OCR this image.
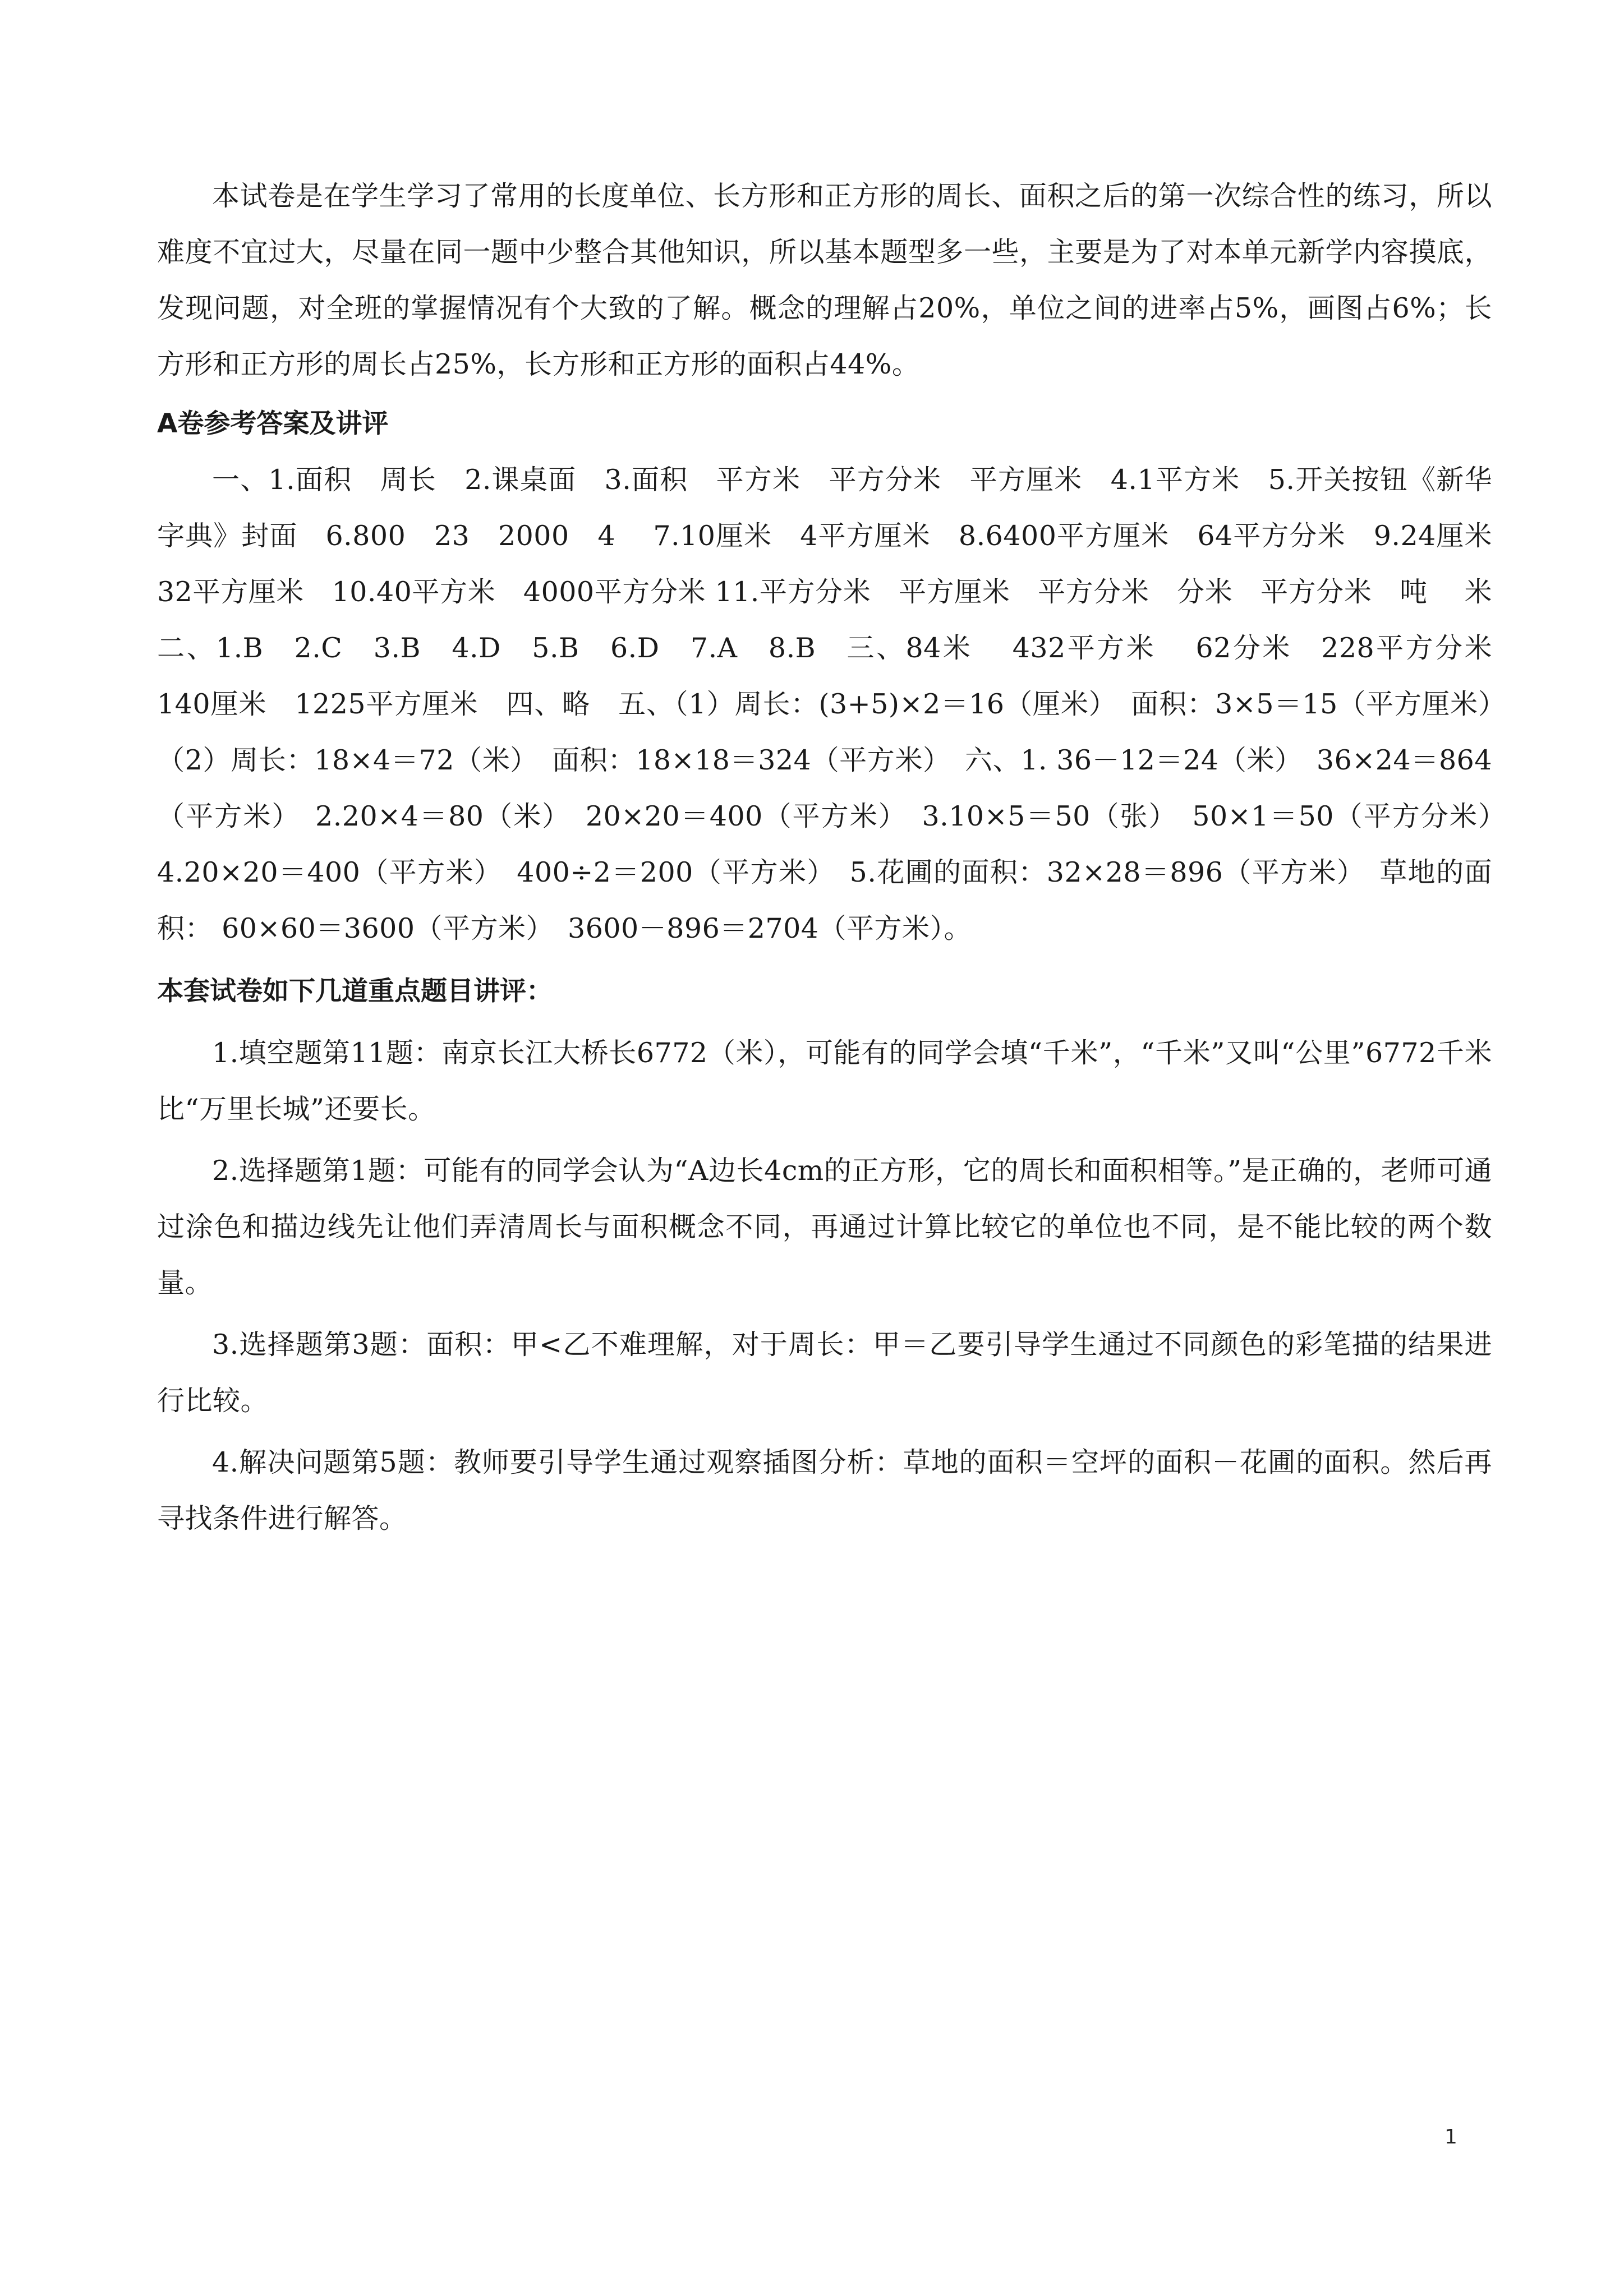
本试卷是在学生学习了常用的长度单位、长方形和正方形的周长、面积之后的第一次综合性的练习，所以难度不宜过大，尽量在同一题中少整合其他知识，所以基本题型多一些，主要是为了对本单元新学内容摸底，发现问题，对全班的掌握情况有个大致的了解。概念的理解占20%，单位之间的进率占5%，画图占6%；长方形和正方形的周长占25%，长方形和正方形的面积占44%。

A卷参考答案及讲评

一、1.面积　周长　2.课桌面　3.面积　平方米　平方分米　平方厘米　4.1平方米　5.开关按钮《新华字典》封面　6.800　23　2000　4　 7.10厘米　4平方厘米　8.6400平方厘米　64平方分米　9.24厘米　32平方厘米　10.40平方米　4000平方分米 11.平方分米　平方厘米　平方分米　分米　平方分米　吨　 米　二、1.B　2.C　3.B　4.D　5.B　6.D　7.A　8.B　三、84米　 432平方米　 62分米　228平方分米　140厘米　1225平方厘米　四、略　五、（1）周长：(3+5)×2＝16（厘米）　面积：3×5＝15（平方厘米）　（2）周长：18×4＝72（米）　面积：18×18＝324（平方米）　六、1. 36－12＝24（米）　36×24＝864（平方米）　2.20×4＝80（米）　20×20＝400（平方米）　3.10×5＝50（张）　50×1＝50（平方分米）　4.20×20＝400（平方米）　400÷2＝200（平方米）　5.花圃的面积：32×28＝896（平方米）　草地的面积： 60×60＝3600（平方米）　3600－896＝2704（平方米）。

本套试卷如下几道重点题目讲评：

1.填空题第11题：南京长江大桥长6772（米），可能有的同学会填“千米”，“千米”又叫“公里”6772千米比“万里长城”还要长。

2.选择题第1题：可能有的同学会认为“A边长4cm的正方形，它的周长和面积相等。”是正确的，老师可通过涂色和描边线先让他们弄清周长与面积概念不同，再通过计算比较它的单位也不同，是不能比较的两个数量。

3.选择题第3题：面积：甲<乙不难理解，对于周长：甲＝乙要引导学生通过不同颜色的彩笔描的结果进行比较。

4.解决问题第5题：教师要引导学生通过观察插图分析：草地的面积＝空坪的面积－花圃的面积。然后再寻找条件进行解答。

1
